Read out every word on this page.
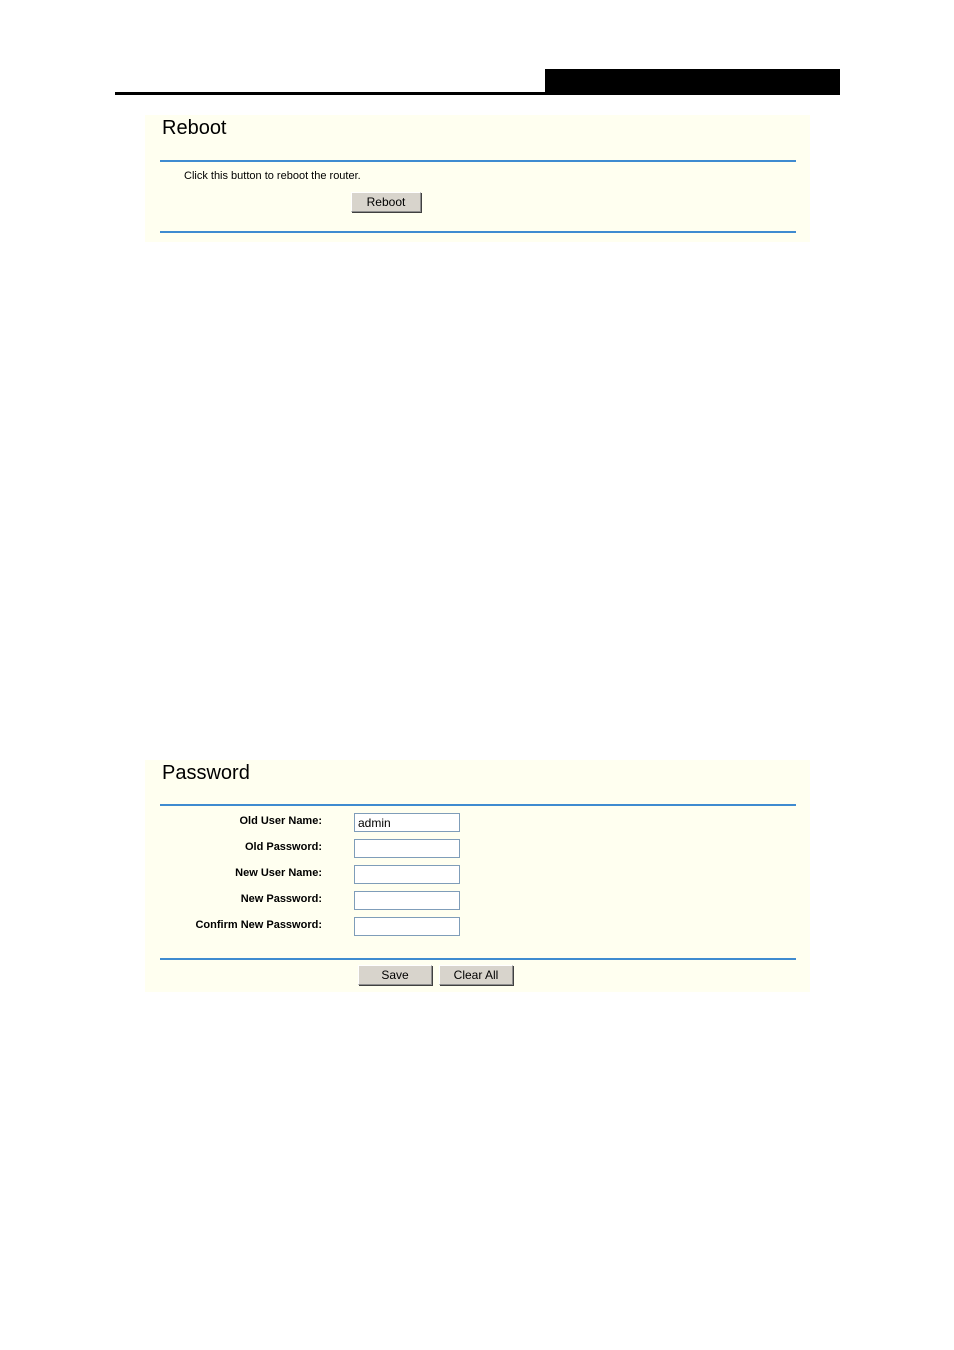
Reboot
Click this button to reboot the router.
Reboot
Password
Old User Name:
admin
Old Password:
New User Name:
New Password:
Confirm New Password:
Save	Clear All
